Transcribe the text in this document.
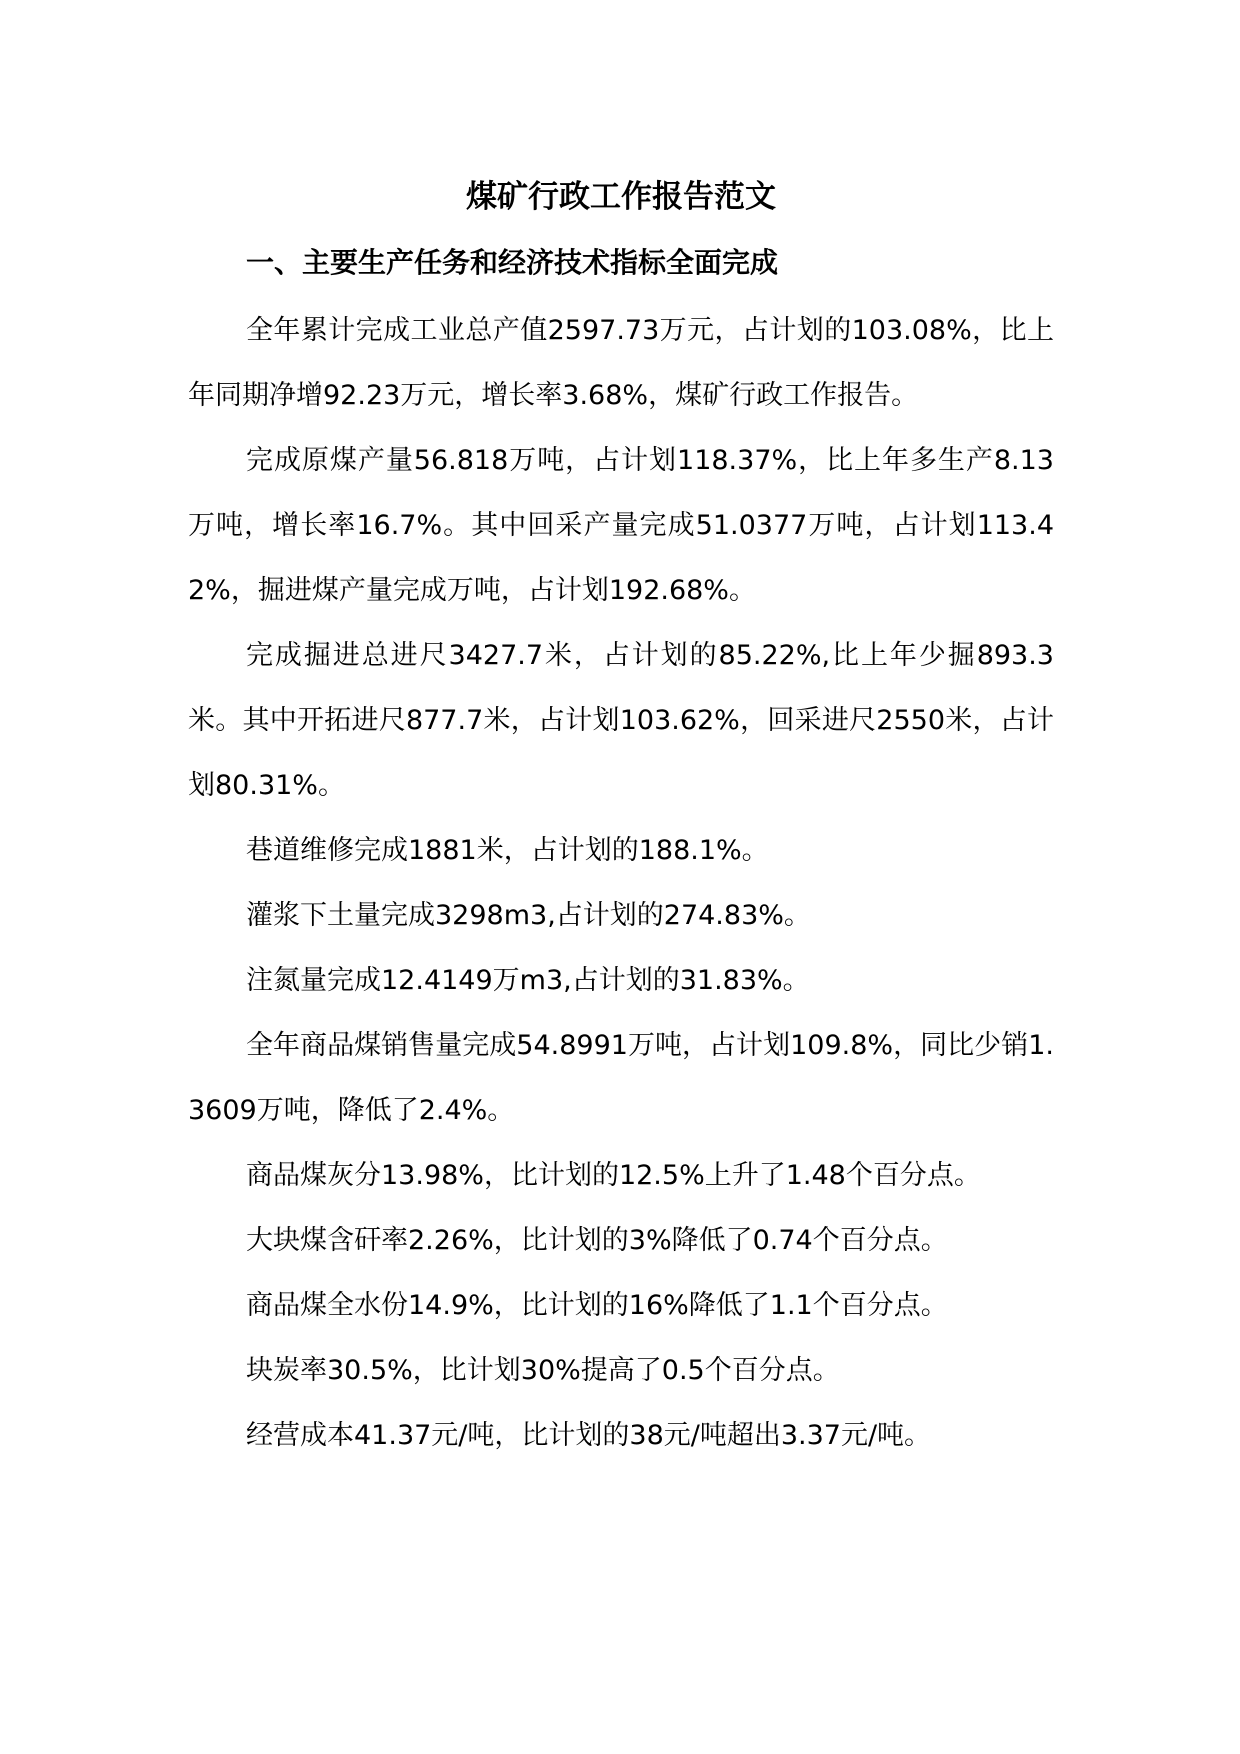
煤矿行政工作报告范文
一、主要生产任务和经济技术指标全面完成

全年累计完成工业总产值2597.73万元，占计划的103.08%，比上年同期净增92.23万元，增长率3.68%，煤矿行政工作报告。

完成原煤产量56.818万吨，占计划118.37%，比上年多生产8.13万吨，增长率16.7%。其中回采产量完成51.0377万吨，占计划113.42%，掘进煤产量完成万吨，占计划192.68%。

完成掘进总进尺3427.7米，占计划的85.22%,比上年少掘893.3米。其中开拓进尺877.7米，占计划103.62%，回采进尺2550米，占计划80.31%。

巷道维修完成1881米，占计划的188.1%。

灌浆下土量完成3298m3,占计划的274.83%。

注氮量完成12.4149万m3,占计划的31.83%。

全年商品煤销售量完成54.8991万吨，占计划109.8%，同比少销1.3609万吨，降低了2.4%。

商品煤灰分13.98%，比计划的12.5%上升了1.48个百分点。

大块煤含矸率2.26%，比计划的3%降低了0.74个百分点。

商品煤全水份14.9%，比计划的16%降低了1.1个百分点。

块炭率30.5%，比计划30%提高了0.5个百分点。

经营成本41.37元/吨，比计划的38元/吨超出3.37元/吨。
